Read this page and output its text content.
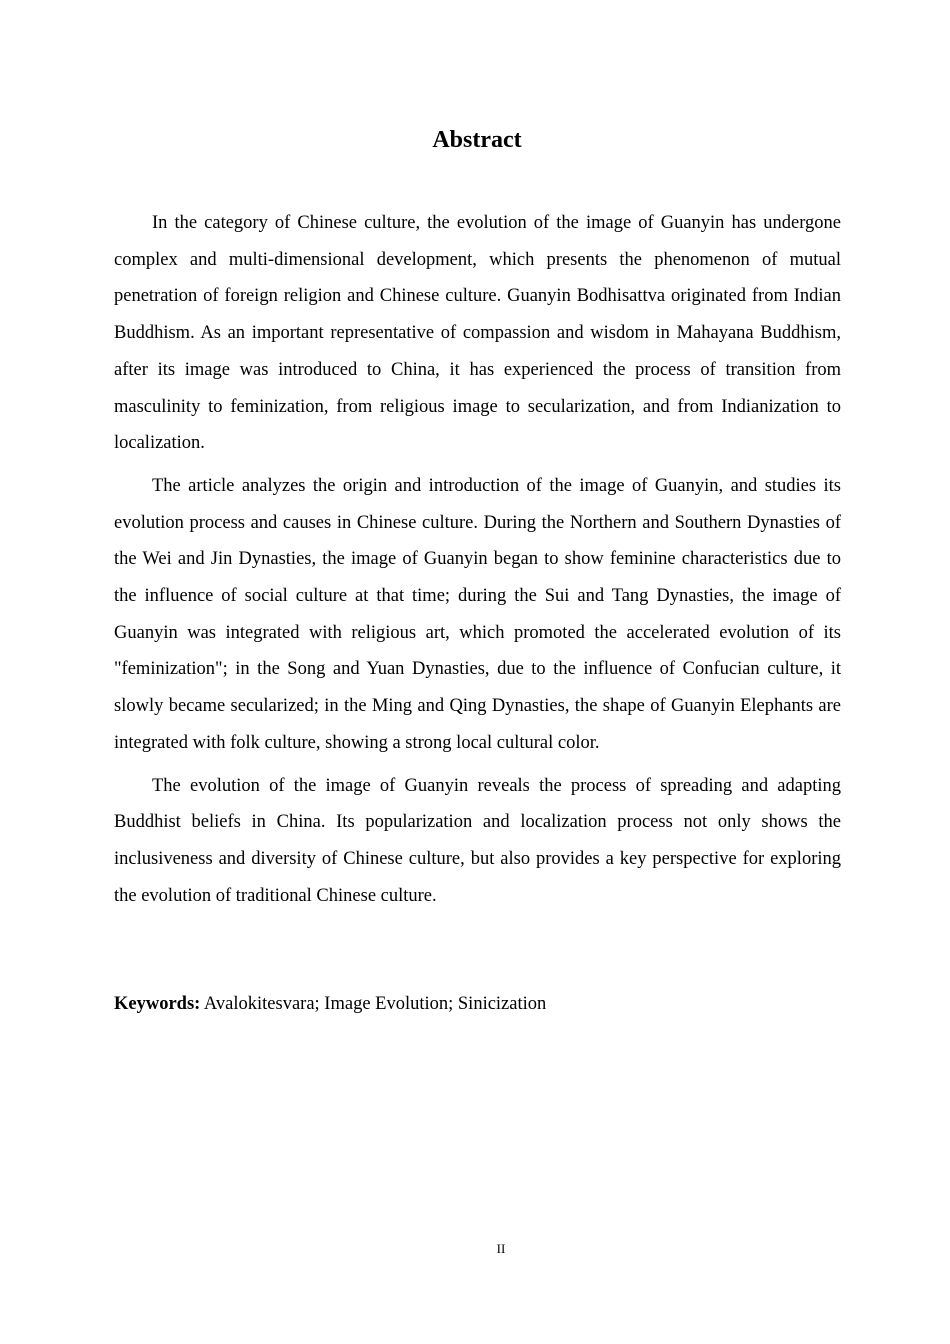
Abstract

In the category of Chinese culture, the evolution of the image of Guanyin has undergone complex and multi-dimensional development, which presents the phenomenon of mutual penetration of foreign religion and Chinese culture. Guanyin Bodhisattva originated from Indian Buddhism. As an important representative of compassion and wisdom in Mahayana Buddhism, after its image was introduced to China, it has experienced the process of transition from masculinity to feminization, from religious image to secularization, and from Indianization to localization.

The article analyzes the origin and introduction of the image of Guanyin, and studies its evolution process and causes in Chinese culture. During the Northern and Southern Dynasties of the Wei and Jin Dynasties, the image of Guanyin began to show feminine characteristics due to the influence of social culture at that time; during the Sui and Tang Dynasties, the image of Guanyin was integrated with religious art, which promoted the accelerated evolution of its "feminization"; in the Song and Yuan Dynasties, due to the influence of Confucian culture, it slowly became secularized; in the Ming and Qing Dynasties, the shape of Guanyin Elephants are integrated with folk culture, showing a strong local cultural color.

The evolution of the image of Guanyin reveals the process of spreading and adapting Buddhist beliefs in China. Its popularization and localization process not only shows the inclusiveness and diversity of Chinese culture, but also provides a key perspective for exploring the evolution of traditional Chinese culture.

Keywords: Avalokitesvara; Image Evolution; Sinicization

II
